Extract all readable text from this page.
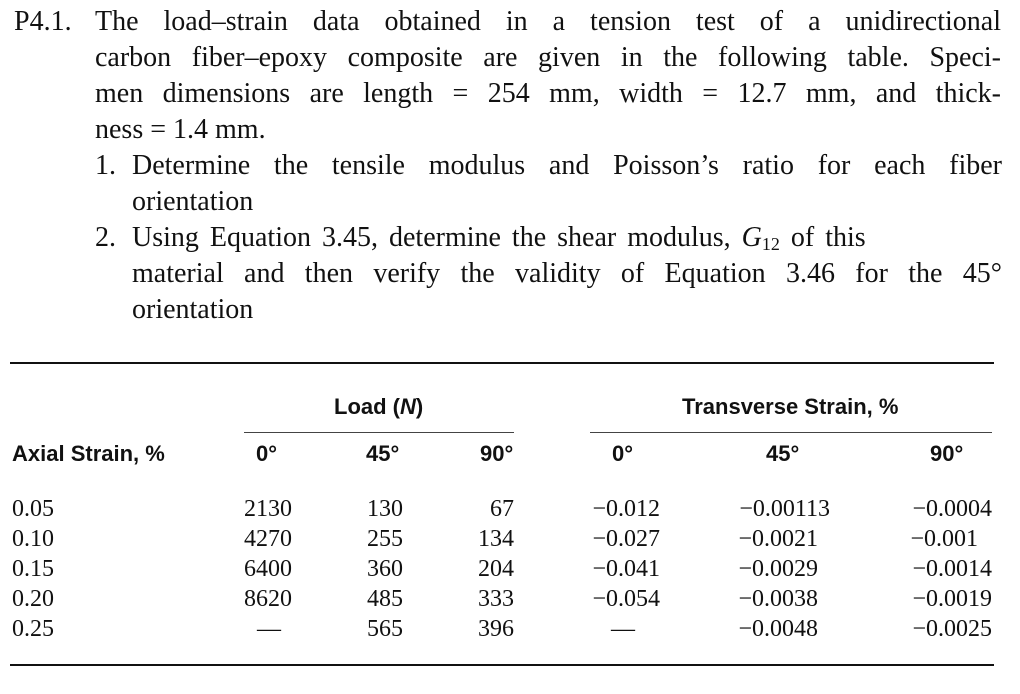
P4.1. The load–strain data obtained in a tension test of a unidirectional
carbon fiber–epoxy composite are given in the following table. Speci-
men dimensions are length = 254 mm, width = 12.7 mm, and thick-
ness = 1.4 mm.
1. Determine the tensile modulus and Poisson’s ratio for each fiber
orientation
2. Using Equation 3.45, determine the shear modulus, $G_{12}$ of this
material and then verify the validity of Equation 3.46 for the 45°
orientation
Load (N)	Transverse Strain, %
Axial Strain, %	0°	45°	90°	0°	45°	90°
0.05	2130	130	67	−0.012	−0.00113	−0.0004
0.10	4270	255	134	−0.027	−0.0021	−0.001
0.15	6400	360	204	−0.041	−0.0029	−0.0014
0.20	8620	485	333	−0.054	−0.0038	−0.0019
0.25	—	565	396	—	−0.0048	−0.0025
